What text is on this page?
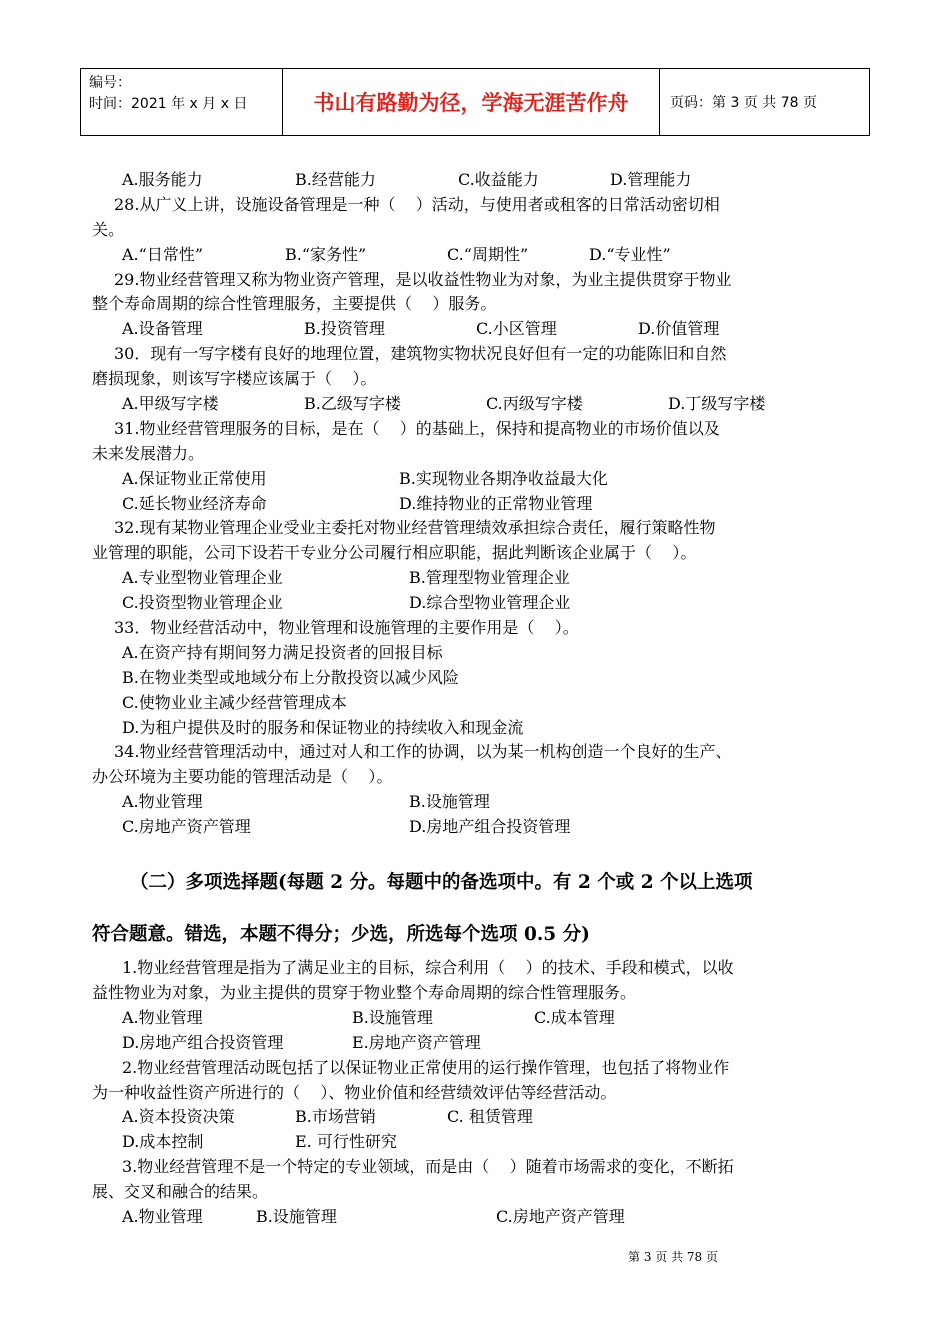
编号：
时间：2021 年 x 月 x 日	书山有路勤为径，学海无涯苦作舟	页码：第 3 页 共 78 页
A.服务能力	B.经营能力	C.收益能力	D.管理能力
28.从广义上讲，设施设备管理是一种（    ）活动，与使用者或租客的日常活动密切相
关。
A.“日常性”	B.“家务性”	C.“周期性”	D.“专业性”
29.物业经营管理又称为物业资产管理，是以收益性物业为对象，为业主提供贯穿于物业
整个寿命周期的综合性管理服务，主要提供（    ）服务。
A.设备管理	B.投资管理	C.小区管理	D.价值管理
30．现有一写字楼有良好的地理位置，建筑物实物状况良好但有一定的功能陈旧和自然
磨损现象，则该写字楼应该属于（    ）。
A.甲级写字楼	B.乙级写字楼	C.丙级写字楼	D.丁级写字楼
31.物业经营管理服务的目标，是在（    ）的基础上，保持和提高物业的市场价值以及
未来发展潜力。
A.保证物业正常使用	B.实现物业各期净收益最大化
C.延长物业经济寿命	D.维持物业的正常物业管理
32.现有某物业管理企业受业主委托对物业经营管理绩效承担综合责任，履行策略性物
业管理的职能，公司下设若干专业分公司履行相应职能，据此判断该企业属于（    ）。
A.专业型物业管理企业	B.管理型物业管理企业
C.投资型物业管理企业	D.综合型物业管理企业
33．物业经营活动中，物业管理和设施管理的主要作用是（    ）。
A.在资产持有期间努力满足投资者的回报目标
B.在物业类型或地域分布上分散投资以减少风险
C.使物业业主减少经营管理成本
D.为租户提供及时的服务和保证物业的持续收入和现金流
34.物业经营管理活动中，通过对人和工作的协调，以为某一机构创造一个良好的生产、
办公环境为主要功能的管理活动是（    ）。
A.物业管理	B.设施管理
C.房地产资产管理	D.房地产组合投资管理
（二）多项选择题(每题 2 分。每题中的备选项中。有 2 个或 2 个以上选项
符合题意。错选，本题不得分；少选，所选每个选项 0.5 分)
1.物业经营管理是指为了满足业主的目标，综合利用（    ）的技术、手段和模式，以收
益性物业为对象，为业主提供的贯穿于物业整个寿命周期的综合性管理服务。
A.物业管理	B.设施管理	C.成本管理
D.房地产组合投资管理	E.房地产资产管理
2.物业经营管理活动既包括了以保证物业正常使用的运行操作管理，也包括了将物业作
为一种收益性资产所进行的（    ）、物业价值和经营绩效评估等经营活动。
A.资本投资决策	B.市场营销	C. 租赁管理
D.成本控制	E. 可行性研究
3.物业经营管理不是一个特定的专业领域，而是由（    ）随着市场需求的变化，不断拓
展、交叉和融合的结果。
A.物业管理	B.设施管理	C.房地产资产管理
第 3 页 共 78 页
